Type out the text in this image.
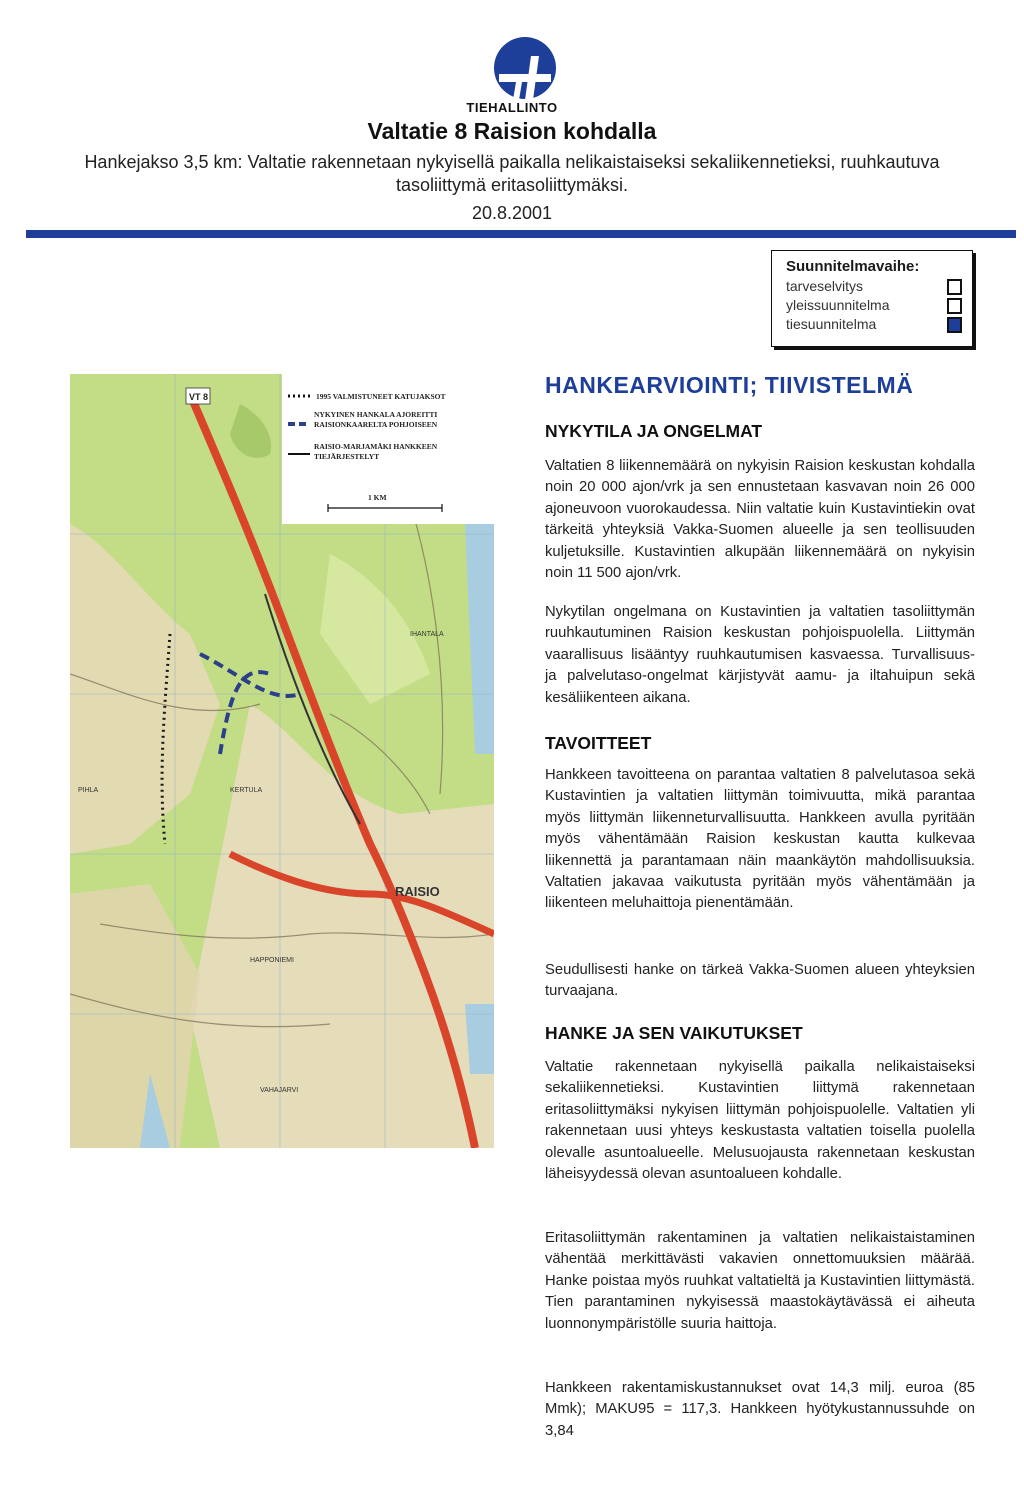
TIEHALLINTO
Valtatie 8 Raision kohdalla
Hankejakso 3,5 km: Valtatie rakennetaan nykyisellä paikalla nelikaistaiseksi sekaliikennetieksi, ruuhkautuva tasoliittymä eritasoliittymäksi.
20.8.2001
Suunnitelmavaihe:
tarveselvitys
yleissuunnitelma
tiesuunnitelma
1995 VALMISTUNEET KATUJAKSOT
NYKYINEN HANKALA AJOREITTI RAISIONKAARELTA POHJOISEEN
RAISIO-MARJAMÄKI HANKKEEN TIEJÄRJESTELYT
1 KM
VT 8
RAISIO
IHANTALA
KERTULA
HAPPONIEMI
VAHAJARVI
PIHLA
HANKEARVIOINTI; TIIVISTELMÄ
NYKYTILA JA ONGELMAT
Valtatien 8 liikennemäärä on nykyisin Raision keskustan kohdalla noin 20 000 ajon/vrk ja sen ennustetaan kasvavan noin 26 000 ajoneuvoon vuorokaudessa. Niin valtatie kuin Kustavintiekin ovat tärkeitä yhteyksiä Vakka-Suomen alueelle ja sen teollisuuden kuljetuksille. Kustavintien alkupään liikennemäärä on nykyisin noin 11 500 ajon/vrk.
Nykytilan ongelmana on Kustavintien ja valtatien tasoliittymän ruuhkautuminen Raision keskustan pohjoispuolella. Liittymän vaarallisuus lisääntyy ruuhkautumisen kasvaessa. Turvallisuus- ja palvelutaso-ongelmat kärjistyvät aamu- ja iltahuipun sekä kesäliikenteen aikana.
TAVOITTEET
Hankkeen tavoitteena on parantaa valtatien 8 palvelutasoa sekä Kustavintien ja valtatien liittymän toimivuutta, mikä parantaa myös liittymän liikenneturvallisuutta. Hankkeen avulla pyritään myös vähentämään Raision keskustan kautta kulkevaa liikennettä ja parantamaan näin maankäytön mahdollisuuksia. Valtatien jakavaa vaikutusta pyritään myös vähentämään ja liikenteen meluhaittoja pienentämään.
Seudullisesti hanke on tärkeä Vakka-Suomen alueen yhteyksien turvaajana.
HANKE JA SEN VAIKUTUKSET
Valtatie rakennetaan nykyisellä paikalla nelikaistaiseksi sekaliikennetieksi. Kustavintien liittymä rakennetaan eritasoliittymäksi nykyisen liittymän pohjoispuolelle. Valtatien yli rakennetaan uusi yhteys keskustasta valtatien toisella puolella olevalle asuntoalueelle. Melusuojausta rakennetaan keskustan läheisyydessä olevan asuntoalueen kohdalle.
Eritasoliittymän rakentaminen ja valtatien nelikaistaistaminen vähentää merkittävästi vakavien onnettomuuksien määrää. Hanke poistaa myös ruuhkat valtatieltä ja Kustavintien liittymästä. Tien parantaminen nykyisessä maastokäytävässä ei aiheuta luonnonympäristölle suuria haittoja.
Hankkeen rakentamiskustannukset ovat 14,3 milj. euroa (85 Mmk); MAKU95 = 117,3. Hankkeen hyötykustannussuhde on 3,84
